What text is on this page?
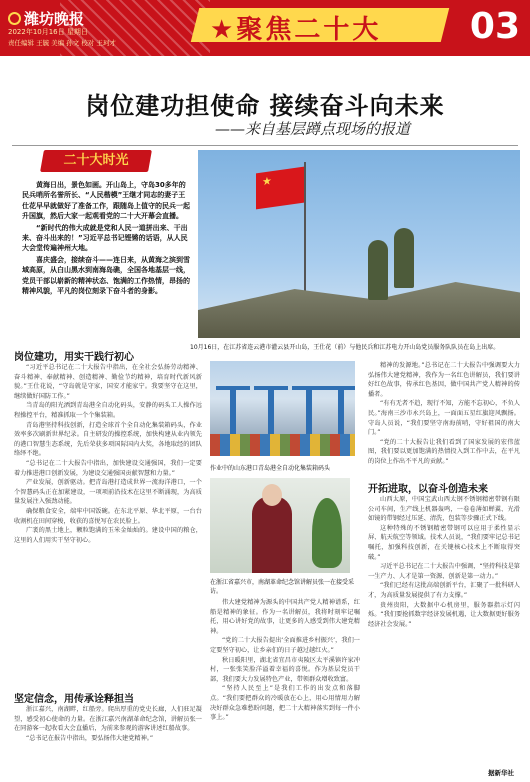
潍坊晚报
2022年10月16日 星期日
责任编辑 王毓 美编 孙文 校对 王珂才	★聚焦二十大 03
岗位建功担使命 接续奋斗向未来
——来自基层蹲点现场的报道
二十大时光

黄海日出，景色如画。开山岛上，守岛30多年的民兵哨所名誉所长、“人民楷模”王继才同志的妻子王仕花早早就做好了准备工作，跟随岛上值守的民兵一起升国旗，然后大家一起观看党的二十大开幕会直播。

“新时代的伟大成就是党和人民一道拼出来、干出来、奋斗出来的！”习近平总书记铿锵的话语，从人民大会堂传遍神州大地。

喜庆盛会，接续奋斗——连日来，从黄海之滨到雪域高原，从白山黑水到南海岛礁，全国各地基层一线，党员干部以崭新的精神状态、饱满的工作热情，昂扬的精神风貌，平凡的岗位刻录下奋斗者的身影。

★
10月16日，在江苏省连云港市灌云县开山岛，王仕花（前）与他民兵和江苏电力开山岛党员服务队队员在岛上出席。
岗位建功，用实干践行初心

“习近平总书记在二十大报告中指出，在全社会弘扬劳动精神、奋斗精神、奉献精神、创造精神、勤俭节约精神，培育时代新风新貌。”王仕花说，“守岛就是守家，国安才能家宁。我要坚守在这里，继续做好国防工作。”

当青岛的阳光洒到青岛港全自动化码头，安静的码头工人操作远程操控平台，精准抓取一个个集装箱。

青岛港坚持科技创新，打造全球首个全自动化集装箱码头，作业效率多次刷新世界纪录。自主研发的操控系统，加快构建从业内领先的港口智慧生态系统，先后荣获多项国际国内大奖，各地取经的团队络绎不绝。

“总书记在二十大报告中指出，加快建设交通强国，我们一定要着力推进港口创新发展，为建设交通强国贡献智慧和力量。”

产业发展，创新驱动。把青岛港打造成世界一流海洋港口，一个个智慧码头正在加紧建设，一项项前沿技术在这里不断涌现，为高质量发展注入强劲动能。

确保粮食安全，端牢中国饭碗。在东北平原、华北平原，一台台收割机在田间穿梭，收获的喜悦写在农民脸上。

广袤的黑土地上，颗粒饱满的玉米金灿灿的。建设中国的粮仓，这里的人们用实干坚守初心。

坚定信念，用传承诠释担当

浙江嘉兴，南湖畔，红船旁。爬出厚重的党史长廊，人们驻足凝望，感受初心使命的力量。在浙江嘉兴南湖革命纪念馆，讲解员张一在同游客一起收看大会直播后，为前来参观的游客讲述红船故事。

“总书记在报告中指出，要弘扬伟大建党精神。”

作业中的山东港口青岛港全自动化集装箱码头
在浙江省嘉兴市，南湖革命纪念馆讲解员张一在接受采访。

伟大建党精神为源头的中国共产党人精神谱系，红船是精神的象征。作为一名讲解员，我将时刻牢记嘱托，用心讲好党的故事，让更多的人感受到伟大建党精神。

“党的二十大报告提出‘全面推进乡村振兴’，我们一定要坚守初心，让乡亲们的日子越过越红火。”

秋日暖阳里，湖北省宜昌市夷陵区太平溪镇许家冲村，一张张笑脸洋溢着幸福的喜悦。作为基层党员干部，我们要大力发展特色产业，带领群众增收致富。

“坚持人民至上”是我们工作的出发点和落脚点。“我们要把群众的冷暖放在心上，用心用情用力解决好群众急难愁盼问题，把二十大精神落实到每一件小事上。”

精神的发源地。”总书记在二十大报告中强调要大力弘扬伟大建党精神，我作为一名红色讲解员，我们要讲好红色故事，传承红色基因，做中国共产党人精神的传播者。

“有有无者不趋，现行不知，方能不忘初心，不负人民。”海南三沙市永兴岛上，一面面五星红旗迎风飘扬。守岛人员说，“我们要坚守南海前哨，守好祖国的南大门。”

“党的二十大报告让我们看到了国家发展的宏伟蓝图，我们要以更加饱满的热情投入到工作中去，在平凡的岗位上作出不平凡的贡献。”

开拓进取，以奋斗创造未来

山西太原，中国宝武山西太钢不锈钢精密带钢有限公司车间，生产线上机器轰鸣，一卷卷薄如蝉翼、光滑如镜的带钢经过压延、清洗，包装等步骤正式下线。

这种特殊的不锈钢精密带钢可以应用于柔性显示屏、航天航空等领域。技术人员说，“我们要牢记总书记嘱托，加强科技创新，在关键核心技术上不断取得突破。”

习近平总书记在二十大报告中强调，“坚持科技是第一生产力、人才是第一资源、创新是第一动力。”

“我们已经有这批高端创新平台，汇聚了一批科研人才，为高质量发展提供了有力支撑。”

贵州贵阳，大数据中心机房里，服务器指示灯闪烁。“我们要抢抓数字经济发展机遇，让大数据更好服务经济社会发展。”

据新华社
